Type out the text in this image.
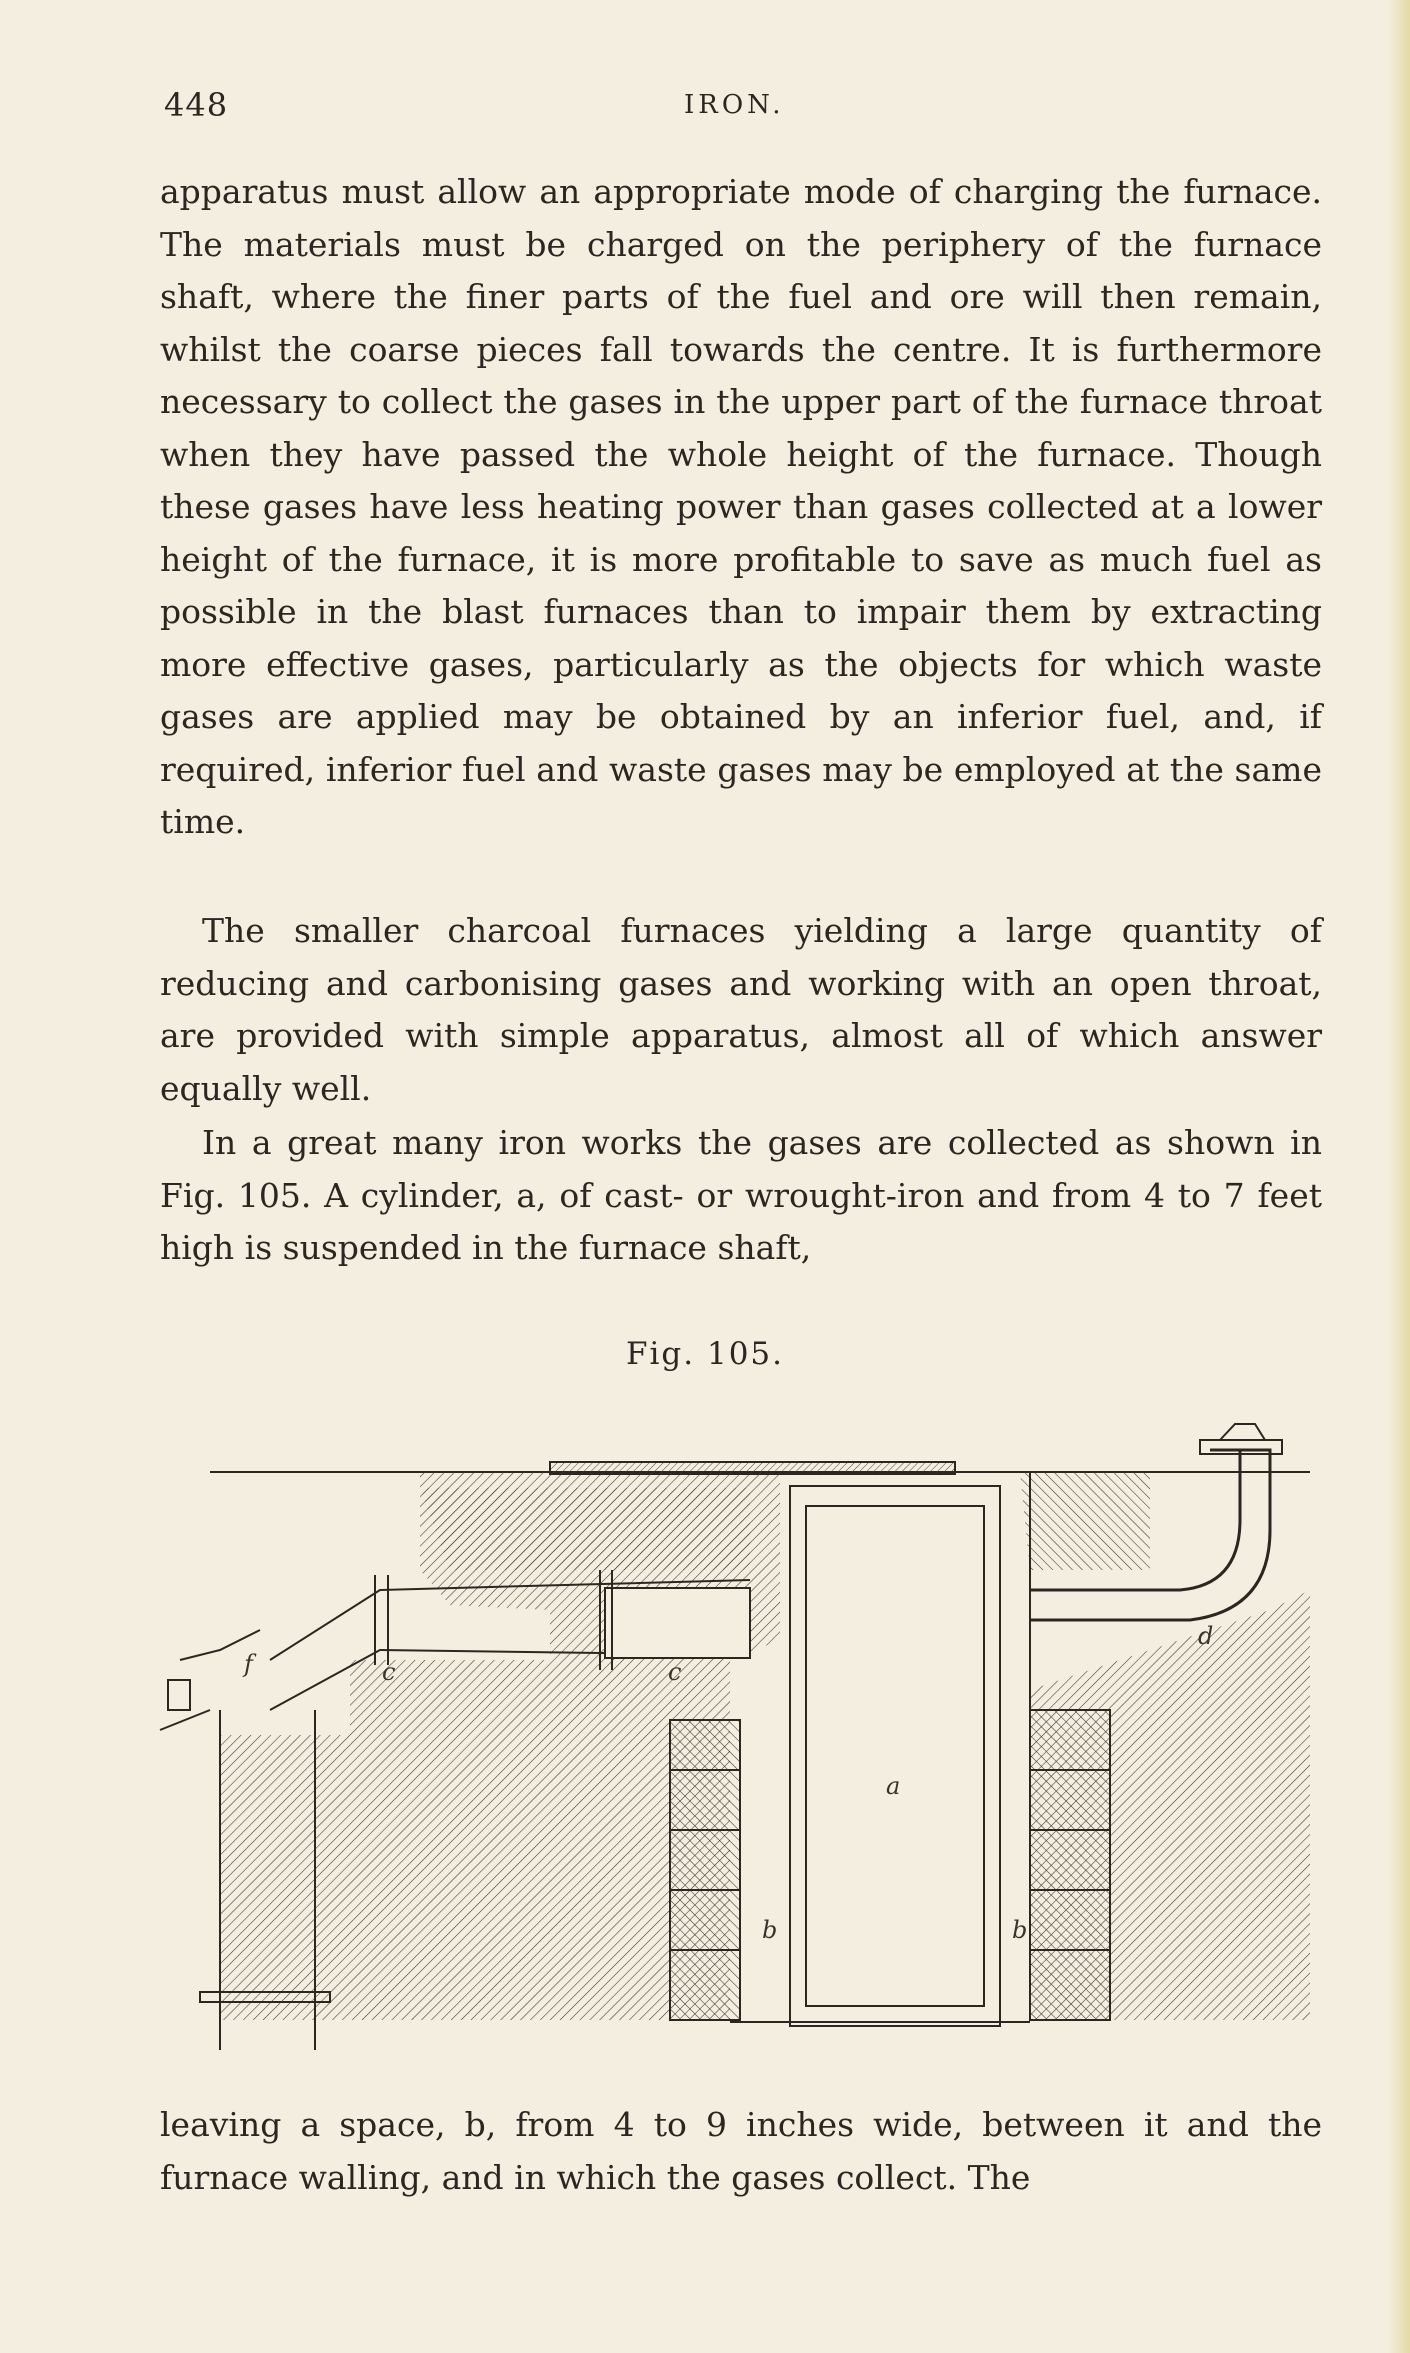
448	IRON.

apparatus must allow an appropriate mode of charging the furnace. The materials must be charged on the periphery of the furnace shaft, where the finer parts of the fuel and ore will then remain, whilst the coarse pieces fall towards the centre. It is furthermore necessary to collect the gases in the upper part of the furnace throat when they have passed the whole height of the furnace. Though these gases have less heating power than gases collected at a lower height of the furnace, it is more profitable to save as much fuel as possible in the blast furnaces than to impair them by extracting more effective gases, particularly as the objects for which waste gases are applied may be obtained by an inferior fuel, and, if required, inferior fuel and waste gases may be employed at the same time.

The smaller charcoal furnaces yielding a large quantity of reducing and carbonising gases and working with an open throat, are provided with simple apparatus, almost all of which answer equally well.

In a great many iron works the gases are collected as shown in Fig. 105. A cylinder, a, of cast- or wrought-iron and from 4 to 7 feet high is suspended in the furnace shaft,

Fig. 105.
a
b	b
c	c
d
f

leaving a space, b, from 4 to 9 inches wide, between it and the furnace walling, and in which the gases collect. The
